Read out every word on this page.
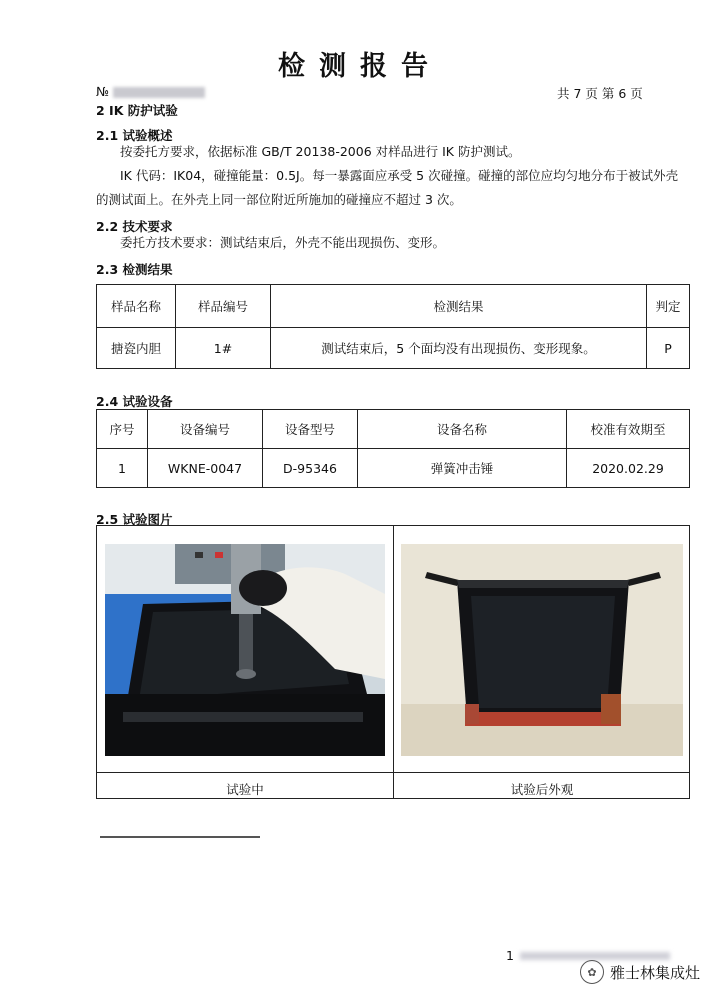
检测报告
№	共 7 页 第 6 页
2 IK 防护试验
2.1 试验概述
按委托方要求，依据标准 GB/T 20138-2006 对样品进行 IK 防护测试。
IK 代码：IK04，碰撞能量：0.5J。每一暴露面应承受 5 次碰撞。碰撞的部位应均匀地分布于被试外壳
的测试面上。在外壳上同一部位附近所施加的碰撞应不超过 3 次。
2.2 技术要求
委托方技术要求：测试结束后，外壳不能出现损伤、变形。
2.3 检测结果
样品名称	样品编号	检测结果	判定
搪瓷内胆	1#	测试结束后，5 个面均没有出现损伤、变形现象。	P
2.4 试验设备
序号	设备编号	设备型号	设备名称	校准有效期至
1	WKNE-0047	D-95346	弹簧冲击锤	2020.02.29
2.5 试验图片
试验中	试验后外观
1
✿ 雅士林集成灶
